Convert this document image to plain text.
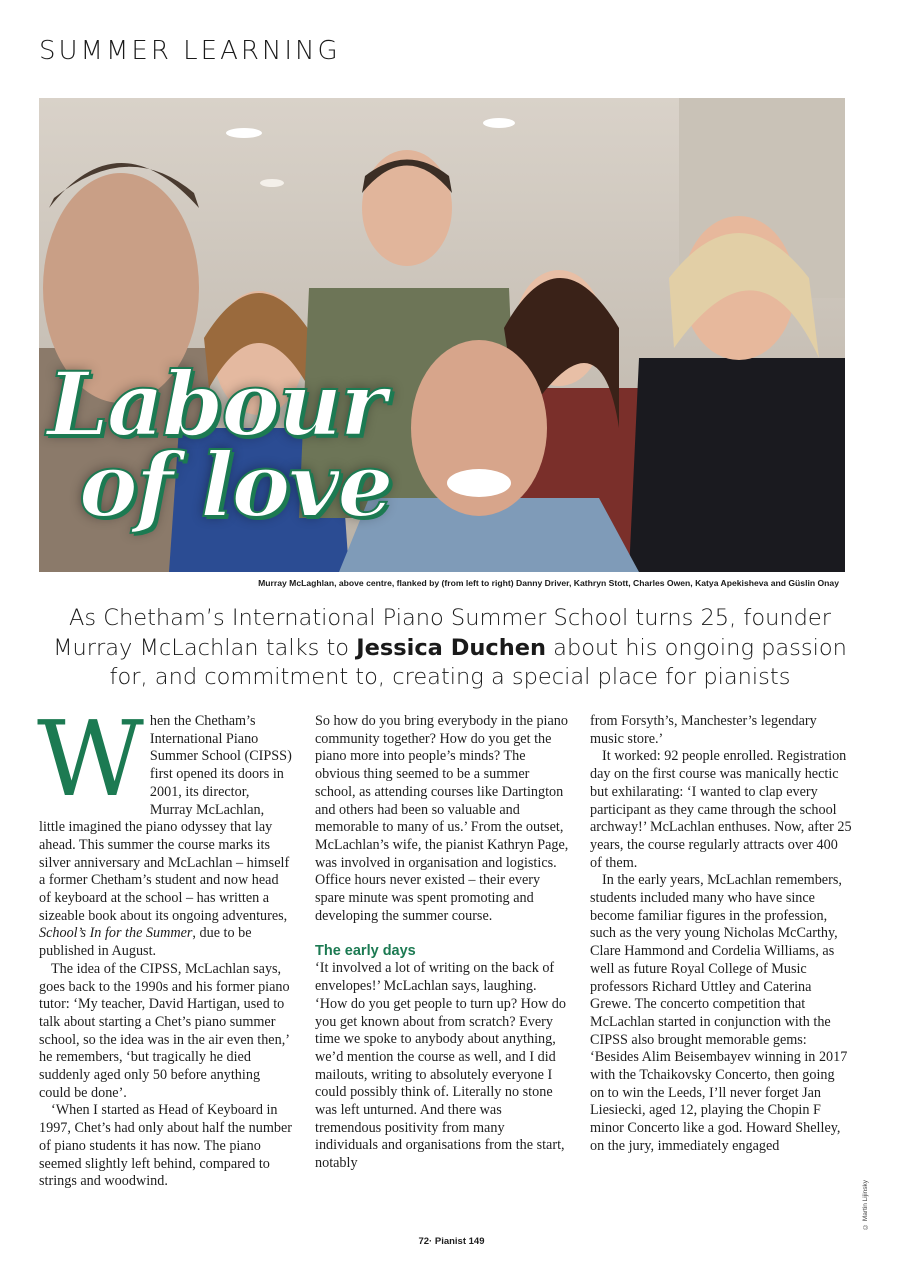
SUMMER LEARNING
Labour
of love
Murray McLaghlan, above centre, flanked by (from left to right) Danny Driver, Kathryn Stott, Charles Owen, Katya Apekisheva and Güslin Onay
As Chetham’s International Piano Summer School turns 25, founder Murray McLachlan talks to Jessica Duchen about his ongoing passion for, and commitment to, creating a special place for pianists

When the Chetham’s International Piano Summer School (CIPSS) first opened its doors in 2001, its director, Murray McLachlan, little imagined the piano odyssey that lay ahead. This summer the course marks its silver anniversary and McLachlan – himself a former Chetham’s student and now head of keyboard at the school – has written a sizeable book about its ongoing adventures, School’s In for the Summer, due to be published in August.

The idea of the CIPSS, McLachlan says, goes back to the 1990s and his former piano tutor: ‘My teacher, David Hartigan, used to talk about starting a Chet’s piano summer school, so the idea was in the air even then,’ he remembers, ‘but tragically he died suddenly aged only 50 before anything could be done’.

‘When I started as Head of Keyboard in 1997, Chet’s had only about half the number of piano students it has now. The piano seemed slightly left behind, compared to strings and woodwind.

So how do you bring everybody in the piano community together? How do you get the piano more into people’s minds? The obvious thing seemed to be a summer school, as attending courses like Dartington and others had been so valuable and memorable to many of us.’ From the outset, McLachlan’s wife, the pianist Kathryn Page, was involved in organisation and logistics. Office hours never existed – their every spare minute was spent promoting and developing the summer course.

The early days

‘It involved a lot of writing on the back of envelopes!’ McLachlan says, laughing. ‘How do you get people to turn up? How do you get known about from scratch? Every time we spoke to anybody about anything, we’d mention the course as well, and I did mailouts, writing to absolutely everyone I could possibly think of. Literally no stone was left unturned. And there was tremendous positivity from many individuals and organisations from the start, notably

from Forsyth’s, Manchester’s legendary music store.’

It worked: 92 people enrolled. Registration day on the first course was manically hectic but exhilarating: ‘I wanted to clap every participant as they came through the school archway!’ McLachlan enthuses. Now, after 25 years, the course regularly attracts over 400 of them.

In the early years, McLachlan remembers, students included many who have since become familiar figures in the profession, such as the very young Nicholas McCarthy, Clare Hammond and Cordelia Williams, as well as future Royal College of Music professors Richard Uttley and Caterina Grewe. The concerto competition that McLachlan started in conjunction with the CIPSS also brought memorable gems: ‘Besides Alim Beisembayev winning in 2017 with the Tchaikovsky Concerto, then going on to win the Leeds, I’ll never forget Jan Liesiecki, aged 12, playing the Chopin F minor Concerto like a god. Howard Shelley, on the jury, immediately engaged

© Martin Lijinsky
72· Pianist 149
